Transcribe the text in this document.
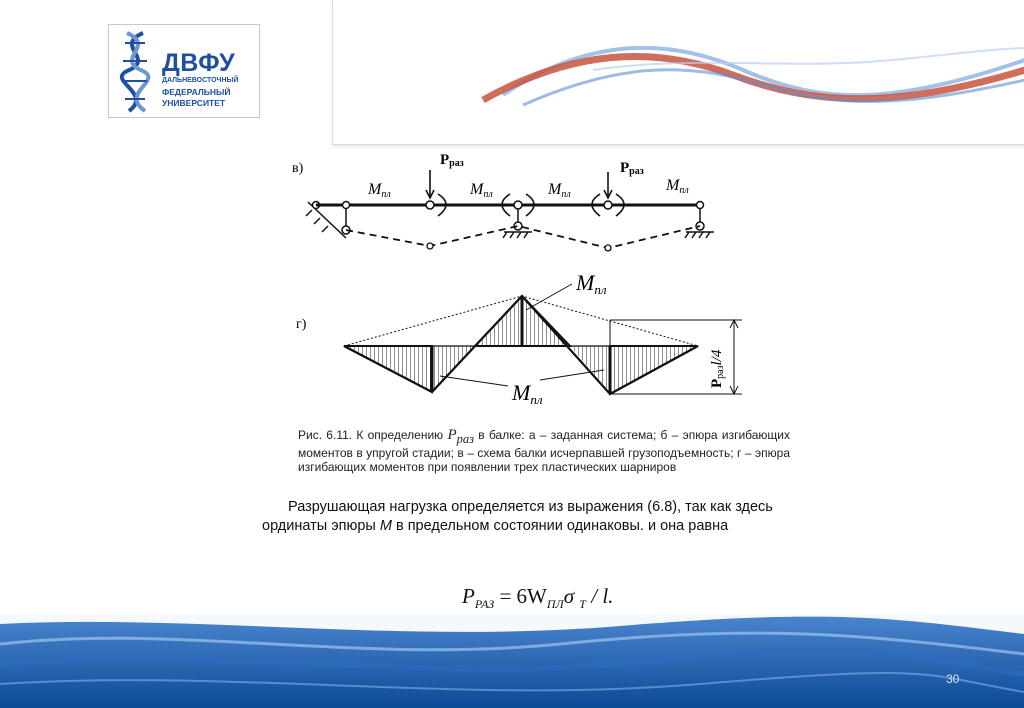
ДВФУ
ДАЛЬНЕВОСТОЧНЫЙ
ФЕДЕРАЛЬНЫЙ
УНИВЕРСИТЕТ
в)
Рраз	Рраз
Мпл	Мпл	Мпл
Мпл
г)
Рразl/4
Мпл
Мпл
Рис. 6.11. К определению $Р_{раз}$ в балке: а – заданная система; б – эпюра изгибающих моментов в упругой стадии; в – схема балки исчерпавшей грузоподъемность; г – эпюра изгибающих моментов при появлении трех пластических шарниров
Разрушающая нагрузка определяется из выражения (6.8), так как здесь ординаты эпюры М в предельном состоянии одинаковы. и она равна
$P_{РАЗ} = 6W_{ПЛ}\sigma$ $_Т$ / l.
30
